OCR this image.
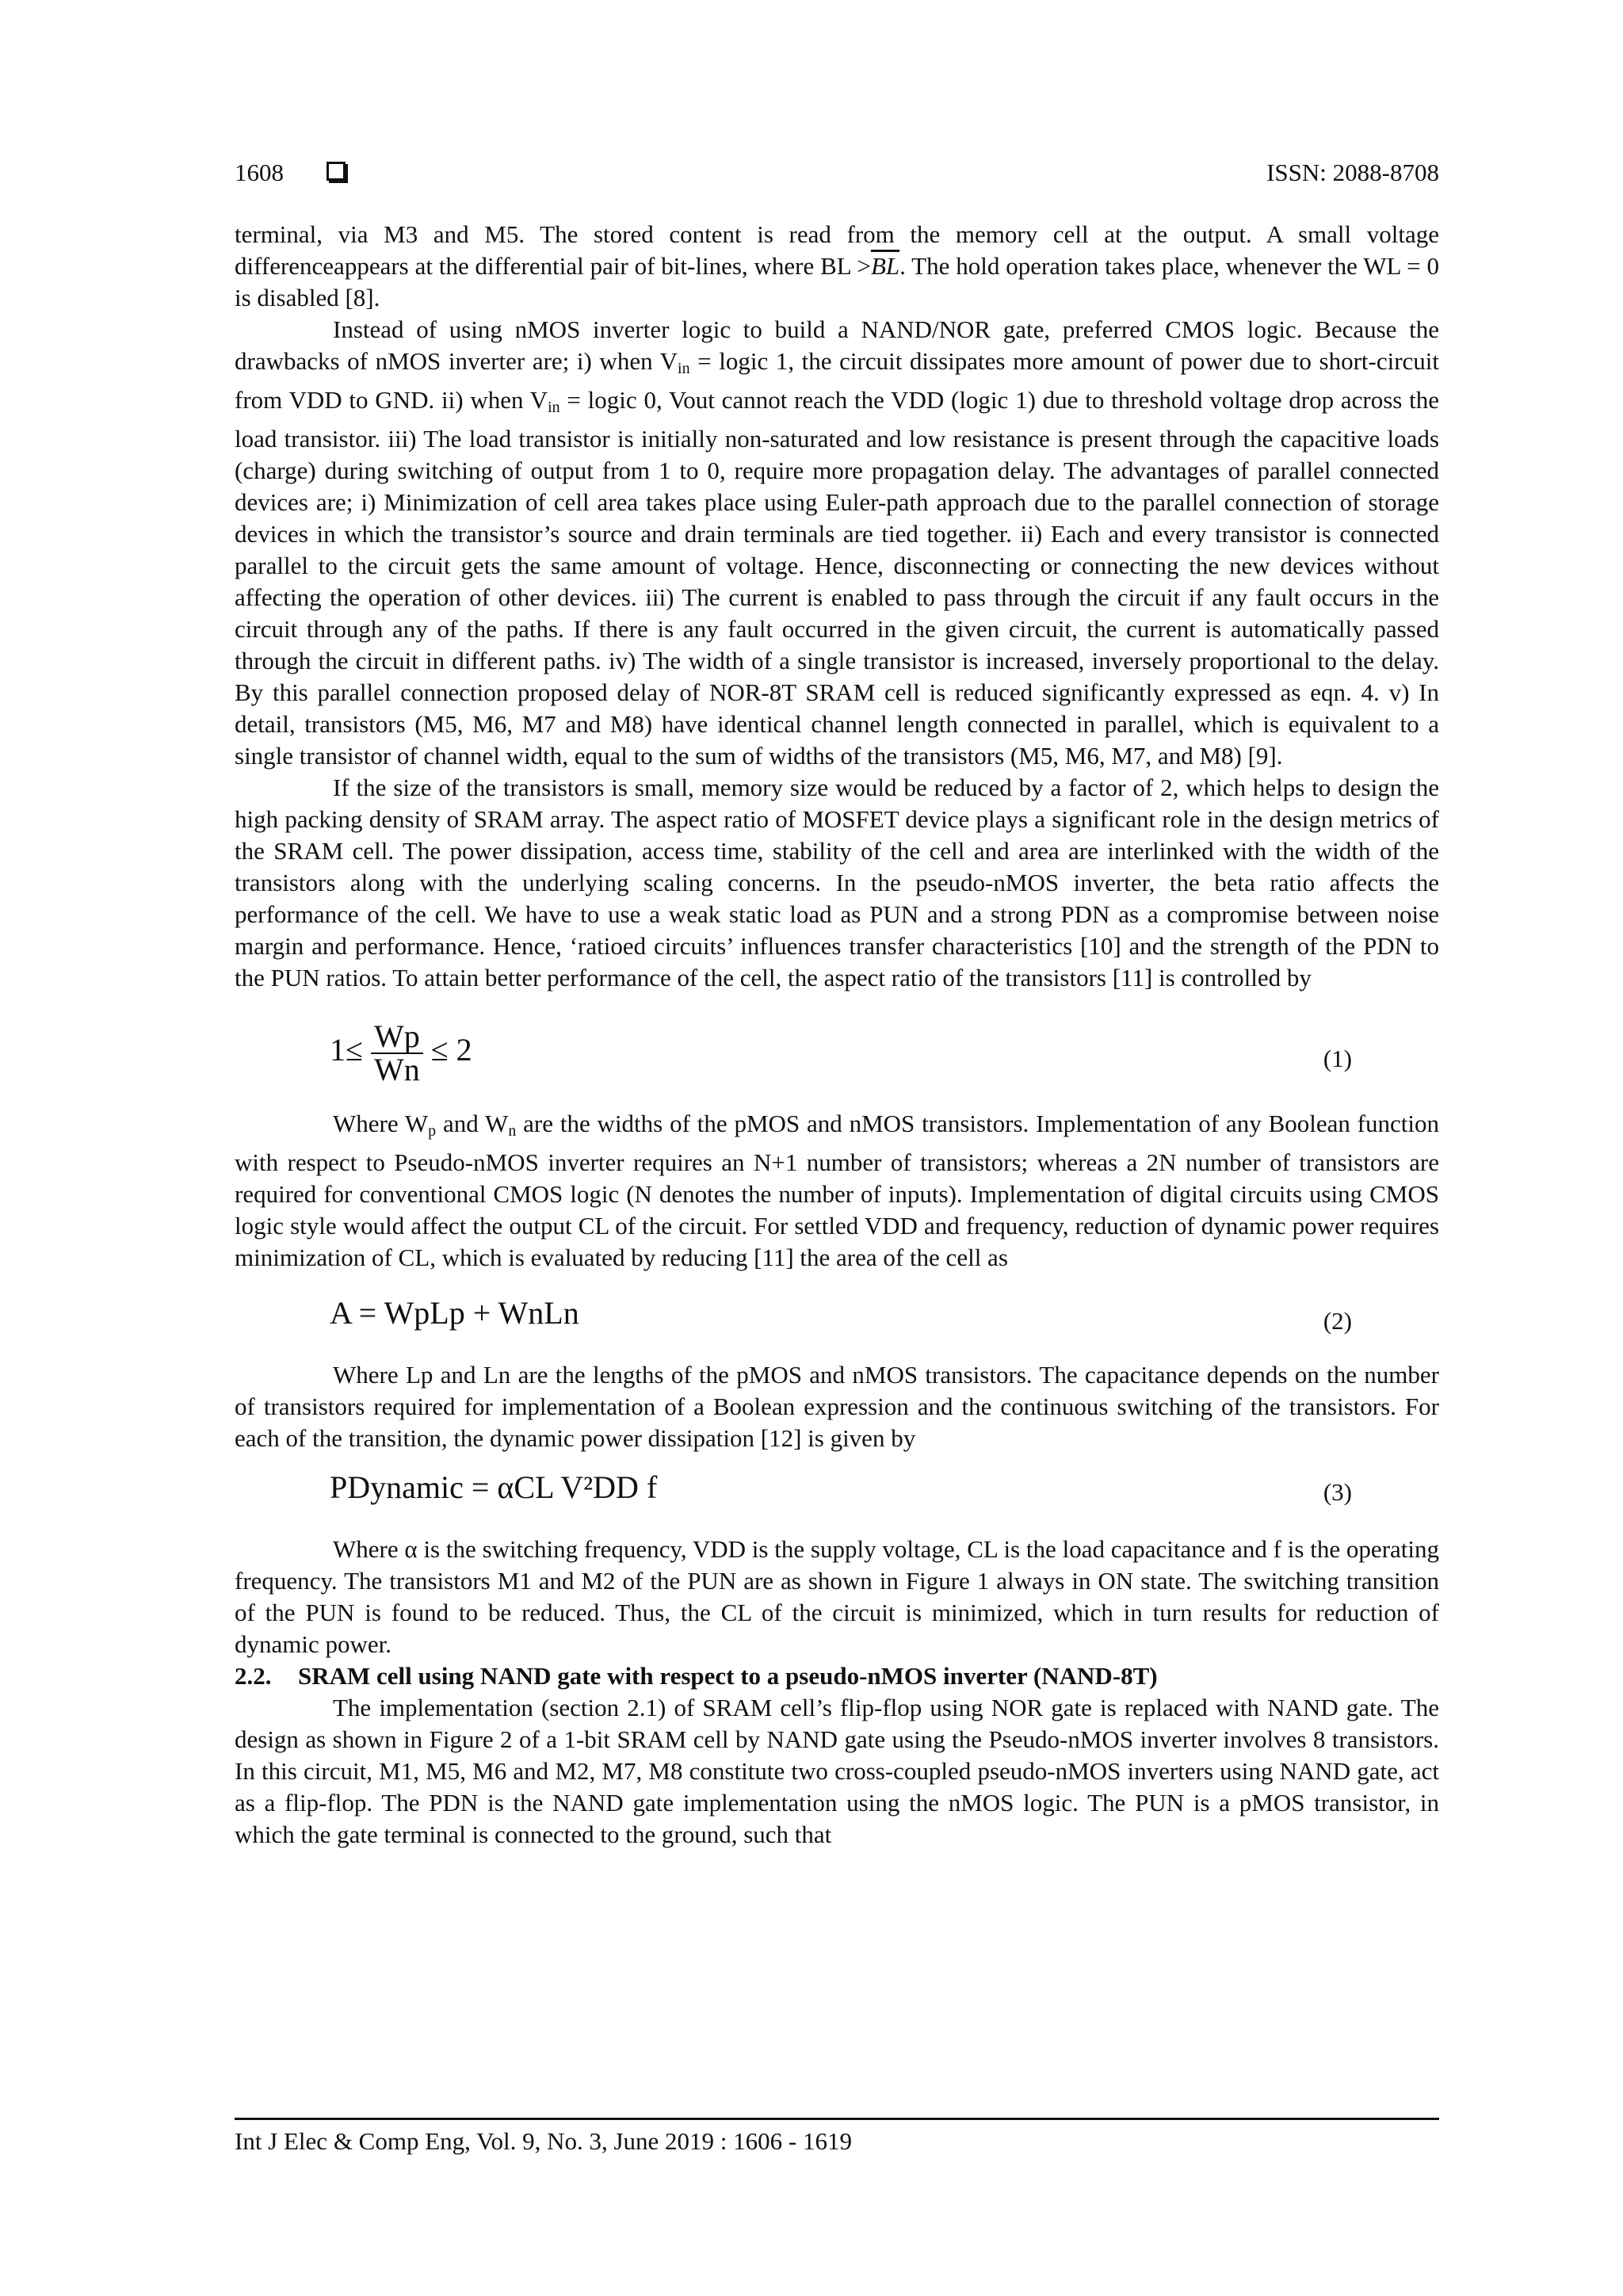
1608	ISSN: 2088-8708

terminal, via M3 and M5. The stored content is read from the memory cell at the output. A small voltage differenceappears at the differential pair of bit-lines, where BL $>\overline{BL}$. The hold operation takes place, whenever the WL = 0 is disabled [8].

Instead of using nMOS inverter logic to build a NAND/NOR gate, preferred CMOS logic. Because the drawbacks of nMOS inverter are; i) when $V_{in}$ = logic 1, the circuit dissipates more amount of power due to short-circuit from VDD to GND. ii) when $V_{in}$ = logic 0, Vout cannot reach the VDD (logic 1) due to threshold voltage drop across the load transistor. iii) The load transistor is initially non-saturated and low resistance is present through the capacitive loads (charge) during switching of output from 1 to 0, require more propagation delay. The advantages of parallel connected devices are; i) Minimization of cell area takes place using Euler-path approach due to the parallel connection of storage devices in which the transistor’s source and drain terminals are tied together. ii) Each and every transistor is connected parallel to the circuit gets the same amount of voltage. Hence, disconnecting or connecting the new devices without affecting the operation of other devices. iii) The current is enabled to pass through the circuit if any fault occurs in the circuit through any of the paths. If there is any fault occurred in the given circuit, the current is automatically passed through the circuit in different paths. iv) The width of a single transistor is increased, inversely proportional to the delay. By this parallel connection proposed delay of NOR-8T SRAM cell is reduced significantly expressed as eqn. 4. v) In detail, transistors (M5, M6, M7 and M8) have identical channel length connected in parallel, which is equivalent to a single transistor of channel width, equal to the sum of widths of the transistors (M5, M6, M7, and M8) [9].

If the size of the transistors is small, memory size would be reduced by a factor of 2, which helps to design the high packing density of SRAM array. The aspect ratio of MOSFET device plays a significant role in the design metrics of the SRAM cell. The power dissipation, access time, stability of the cell and area are interlinked with the width of the transistors along with the underlying scaling concerns. In the pseudo-nMOS inverter, the beta ratio affects the performance of the cell. We have to use a weak static load as PUN and a strong PDN as a compromise between noise margin and performance. Hence, ‘ratioed circuits’ influences transfer characteristics [10] and the strength of the PDN to the PUN ratios. To attain better performance of the cell, the aspect ratio of the transistors [11] is controlled by

$1\le \frac{Wp}{Wn} \le 2$	(1)

Where $W_p$ and $W_n$ are the widths of the pMOS and nMOS transistors. Implementation of any Boolean function with respect to Pseudo-nMOS inverter requires an N+1 number of transistors; whereas a 2N number of transistors are required for conventional CMOS logic (N denotes the number of inputs). Implementation of digital circuits using CMOS logic style would affect the output CL of the circuit. For settled VDD and frequency, reduction of dynamic power requires minimization of CL, which is evaluated by reducing [11] the area of the cell as

A = WpLp + WnLn	(2)

Where Lp and Ln are the lengths of the pMOS and nMOS transistors. The capacitance depends on the number of transistors required for implementation of a Boolean expression and the continuous switching of the transistors. For each of the transition, the dynamic power dissipation [12] is given by

PDynamic = αCL V²DD f	(3)

Where α is the switching frequency, VDD is the supply voltage, CL is the load capacitance and f is the operating frequency. The transistors M1 and M2 of the PUN are as shown in Figure 1 always in ON state. The switching transition of the PUN is found to be reduced. Thus, the CL of the circuit is minimized, which in turn results for reduction of dynamic power.

2.2. SRAM cell using NAND gate with respect to a pseudo-nMOS inverter (NAND-8T)

The implementation (section 2.1) of SRAM cell’s flip-flop using NOR gate is replaced with NAND gate. The design as shown in Figure 2 of a 1-bit SRAM cell by NAND gate using the Pseudo-nMOS inverter involves 8 transistors. In this circuit, M1, M5, M6 and M2, M7, M8 constitute two cross-coupled pseudo-nMOS inverters using NAND gate, act as a flip-flop. The PDN is the NAND gate implementation using the nMOS logic. The PUN is a pMOS transistor, in which the gate terminal is connected to the ground, such that

Int J Elec & Comp Eng, Vol. 9, No. 3, June 2019 : 1606 - 1619
